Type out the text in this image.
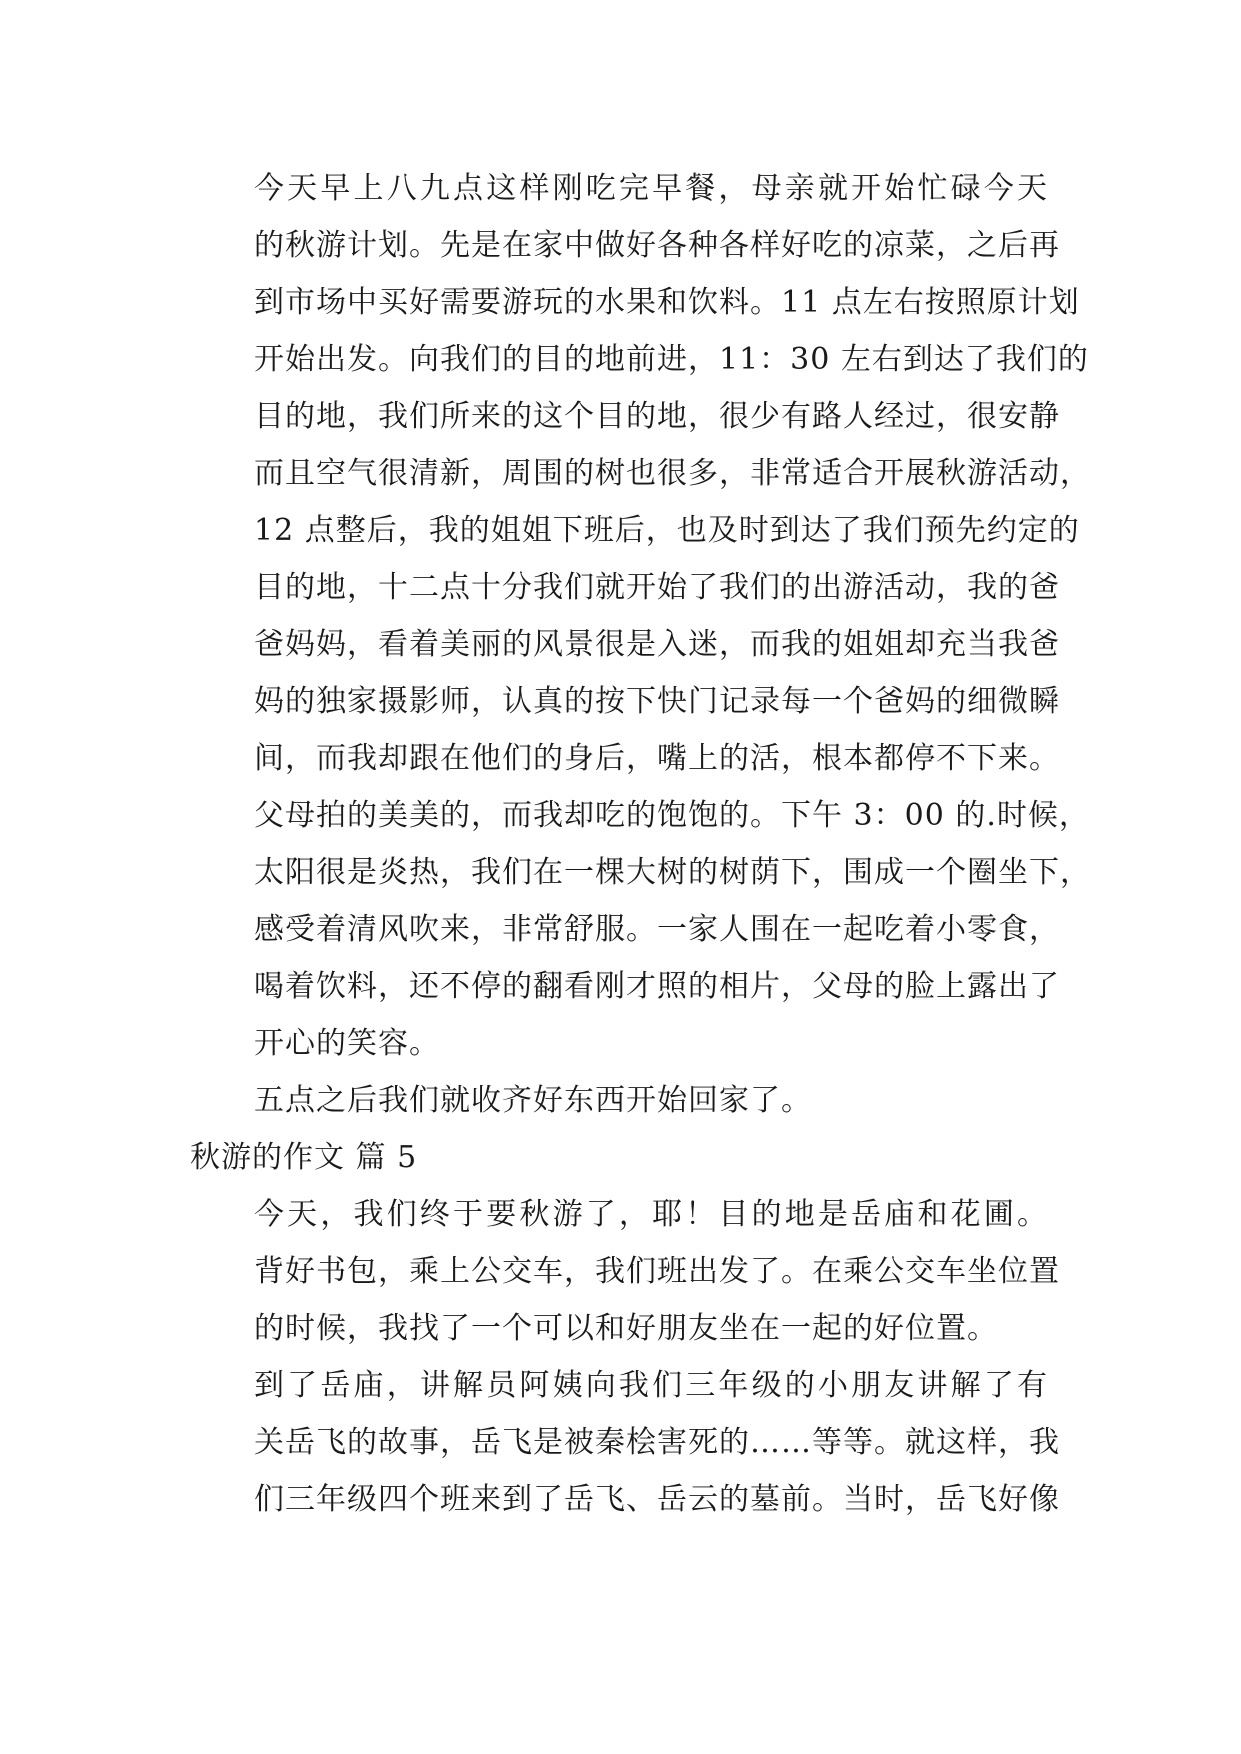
今天早上八九点这样刚吃完早餐，母亲就开始忙碌今天
的秋游计划。先是在家中做好各种各样好吃的凉菜，之后再
到市场中买好需要游玩的水果和饮料。11 点左右按照原计划
开始出发。向我们的目的地前进，11：30 左右到达了我们的
目的地，我们所来的这个目的地，很少有路人经过，很安静
而且空气很清新，周围的树也很多，非常适合开展秋游活动，
12 点整后，我的姐姐下班后，也及时到达了我们预先约定的
目的地，十二点十分我们就开始了我们的出游活动，我的爸
爸妈妈，看着美丽的风景很是入迷，而我的姐姐却充当我爸
妈的独家摄影师，认真的按下快门记录每一个爸妈的细微瞬
间，而我却跟在他们的身后，嘴上的活，根本都停不下来。
父母拍的美美的，而我却吃的饱饱的。下午 3：00 的.时候，
太阳很是炎热，我们在一棵大树的树荫下，围成一个圈坐下，
感受着清风吹来，非常舒服。一家人围在一起吃着小零食，
喝着饮料，还不停的翻看刚才照的相片，父母的脸上露出了
开心的笑容。

五点之后我们就收齐好东西开始回家了。

秋游的作文 篇 5

今天，我们终于要秋游了，耶！目的地是岳庙和花圃。
背好书包，乘上公交车，我们班出发了。在乘公交车坐位置
的时候，我找了一个可以和好朋友坐在一起的好位置。

到了岳庙，讲解员阿姨向我们三年级的小朋友讲解了有
关岳飞的故事，岳飞是被秦桧害死的……等等。就这样，我
们三年级四个班来到了岳飞、岳云的墓前。当时，岳飞好像
